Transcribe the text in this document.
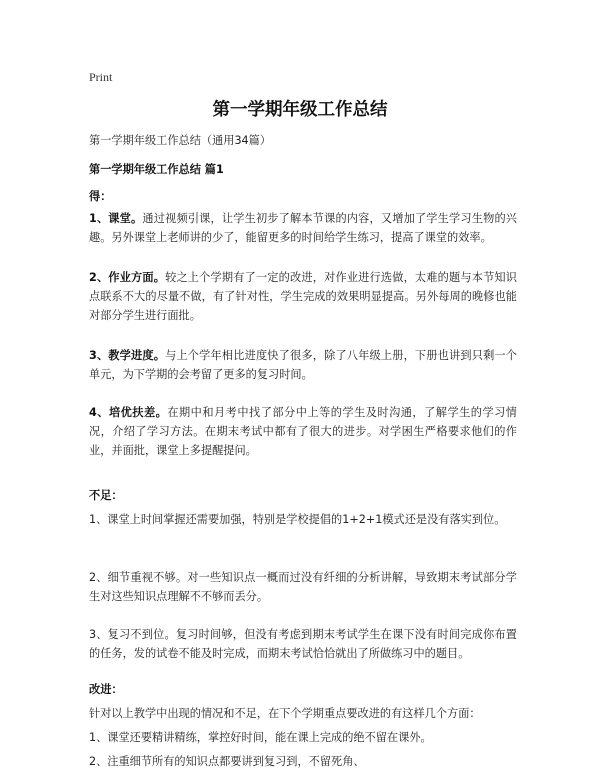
Print
第一学期年级工作总结
第一学期年级工作总结（通用34篇）
第一学期年级工作总结 篇1
得：
1、课堂。通过视频引课，让学生初步了解本节课的内容，又增加了学生学习生物的兴趣。另外课堂上老师讲的少了，能留更多的时间给学生练习，提高了课堂的效率。
2、作业方面。较之上个学期有了一定的改进，对作业进行选做，太难的题与本节知识点联系不大的尽量不做，有了针对性，学生完成的效果明显提高。另外每周的晚修也能对部分学生进行面批。
3、教学进度。与上个学年相比进度快了很多，除了八年级上册，下册也讲到只剩一个单元，为下学期的会考留了更多的复习时间。
4、培优扶差。在期中和月考中找了部分中上等的学生及时沟通，了解学生的学习情况，介绍了学习方法。在期末考试中都有了很大的进步。对学困生严格要求他们的作业，并面批，课堂上多提醒提问。
不足：
1、课堂上时间掌握还需要加强，特别是学校提倡的1+2+1模式还是没有落实到位。
2、细节重视不够。对一些知识点一概而过没有纤细的分析讲解，导致期末考试部分学生对这些知识点理解不不够而丢分。
3、复习不到位。复习时间够，但没有考虑到期末考试学生在课下没有时间完成你布置的任务，发的试卷不能及时完成，而期末考试恰恰就出了所做练习中的题目。
改进：
针对以上教学中出现的情况和不足，在下个学期重点要改进的有这样几个方面：
1、课堂还要精讲精练，掌控好时间，能在课上完成的绝不留在课外。
2、注重细节所有的知识点都要讲到复习到，不留死角、
